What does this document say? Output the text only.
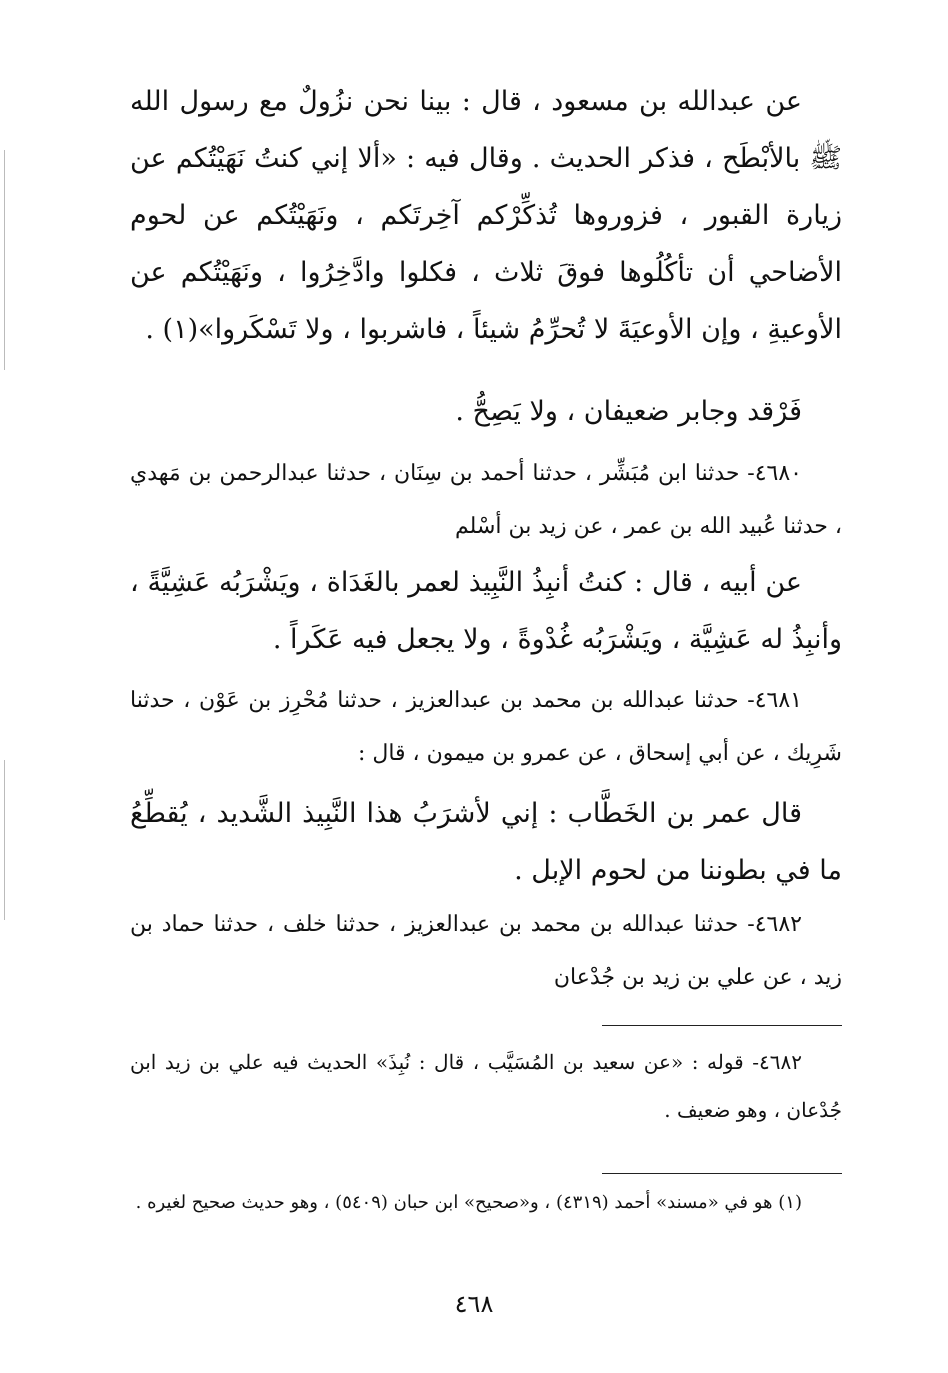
عن عبدالله بن مسعود ، قال : بينا نحن نزُولٌ مع رسول الله ﷺ بالأبْطَح ، فذكر الحديث . وقال فيه : «ألا إني كنتُ نَهَيْتُكم عن زيارة القبور ، فزوروها تُذكِّرْكم آخِرتَكم ، ونَهَيْتُكم عن لحوم الأضاحي أن تأكُلُوها فوقَ ثلاث ، فكلوا وادَّخِرُوا ، ونَهَيْتُكم عن الأوعيةِ ، وإن الأوعيَةَ لا تُحرِّمُ شيئاً ، فاشربوا ، ولا تَسْكَروا»(١) .

فَرْقد وجابر ضعيفان ، ولا يَصِحُّ .

٤٦٨٠- حدثنا ابن مُبَشِّر ، حدثنا أحمد بن سِنَان ، حدثنا عبدالرحمن بن مَهدي ، حدثنا عُبيد الله بن عمر ، عن زيد بن أسْلم

عن أبيه ، قال : كنتُ أنبِذُ النَّبِيذ لعمر بالغَدَاة ، ويَشْرَبُه عَشِيَّةً ، وأنبِذُ له عَشِيَّة ، ويَشْرَبُه غُدْوةً ، ولا يجعل فيه عَكَراً .

٤٦٨١- حدثنا عبدالله بن محمد بن عبدالعزيز ، حدثنا مُحْرِز بن عَوْن ، حدثنا شَرِيك ، عن أبي إسحاق ، عن عمرو بن ميمون ، قال :

قال عمر بن الخَطَّاب : إني لأشرَبُ هذا النَّبِيذ الشَّديد ، يُقطِّعُ ما في بطوننا من لحوم الإبل .

٤٦٨٢- حدثنا عبدالله بن محمد بن عبدالعزيز ، حدثنا خلف ، حدثنا حماد بن زيد ، عن علي بن زيد بن جُدْعان

٤٦٨٢- قوله : «عن سعيد بن المُسَيَّب ، قال : نُبِذَ» الحديث فيه علي بن زيد ابن جُدْعان ، وهو ضعيف .

(١) هو في «مسند» أحمد (٤٣١٩) ، و«صحيح» ابن حبان (٥٤٠٩) ، وهو حديث صحيح لغيره .

٤٦٨
